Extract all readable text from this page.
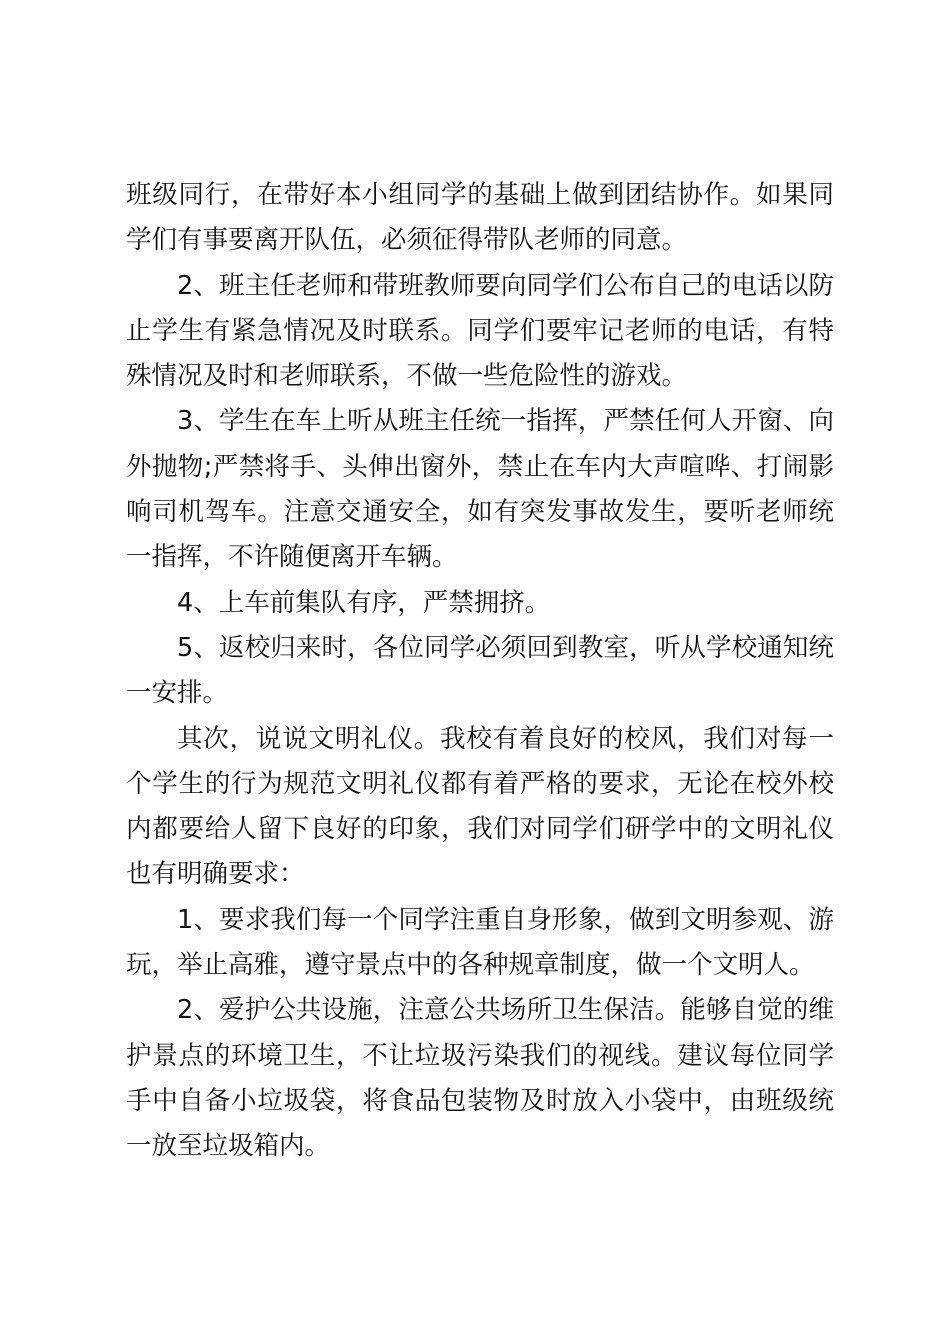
班级同行，在带好本小组同学的基础上做到团结协作。如果同学们有事要离开队伍，必须征得带队老师的同意。

2、班主任老师和带班教师要向同学们公布自己的电话以防止学生有紧急情况及时联系。同学们要牢记老师的电话，有特殊情况及时和老师联系，不做一些危险性的游戏。

3、学生在车上听从班主任统一指挥，严禁任何人开窗、向外抛物;严禁将手、头伸出窗外，禁止在车内大声喧哗、打闹影响司机驾车。注意交通安全，如有突发事故发生，要听老师统一指挥，不许随便离开车辆。

4、上车前集队有序，严禁拥挤。

5、返校归来时，各位同学必须回到教室，听从学校通知统一安排。

其次，说说文明礼仪。我校有着良好的校风，我们对每一个学生的行为规范文明礼仪都有着严格的要求，无论在校外校内都要给人留下良好的印象，我们对同学们研学中的文明礼仪也有明确要求：

1、要求我们每一个同学注重自身形象，做到文明参观、游玩，举止高雅，遵守景点中的各种规章制度，做一个文明人。

2、爱护公共设施，注意公共场所卫生保洁。能够自觉的维护景点的环境卫生，不让垃圾污染我们的视线。建议每位同学手中自备小垃圾袋，将食品包装物及时放入小袋中，由班级统一放至垃圾箱内。
